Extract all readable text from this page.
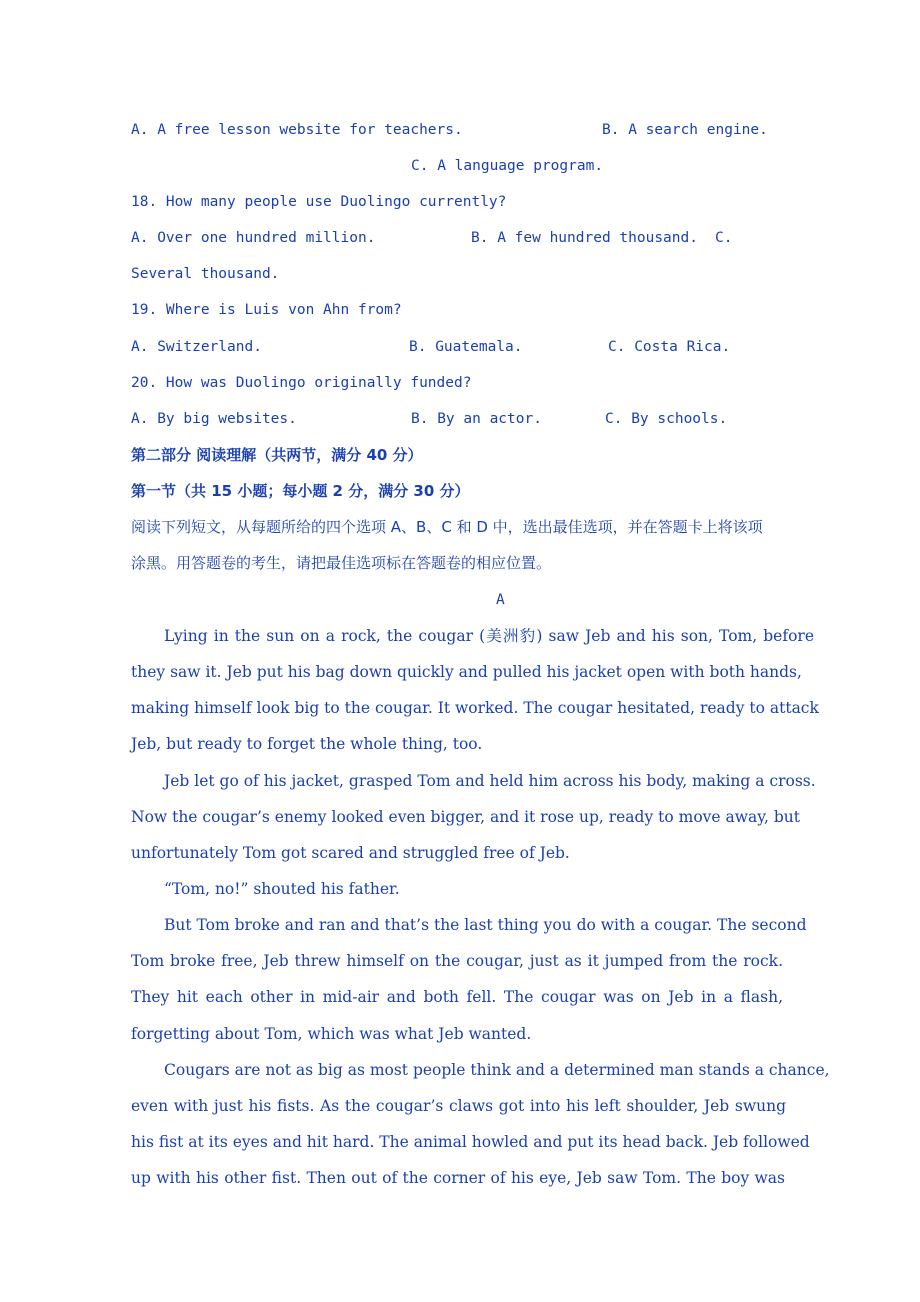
A. A free lesson website for teachers.	B. A search engine.
C. A language program.
18. How many people use Duolingo currently?
A. Over one hundred million.	B. A few hundred thousand. C.
Several thousand.
19. Where is Luis von Ahn from?
A. Switzerland.	B. Guatemala.	C. Costa Rica.
20. How was Duolingo originally funded?
A. By big websites.	B. By an actor.	C. By schools.
第二部分 阅读理解（共两节，满分 40 分）
第一节（共 15 小题；每小题 2 分，满分 30 分）
阅读下列短文，从每题所给的四个选项 A、B、C 和 D 中，选出最佳选项，并在答题卡上将该项
涂黑。用答题卷的考生，请把最佳选项标在答题卷的相应位置。
A
Lying in the sun on a rock, the cougar (美洲豹) saw Jeb and his son, Tom, before
they saw it. Jeb put his bag down quickly and pulled his jacket open with both hands,
making himself look big to the cougar. It worked. The cougar hesitated, ready to attack
Jeb, but ready to forget the whole thing, too.
Jeb let go of his jacket, grasped Tom and held him across his body, making a cross.
Now the cougar’s enemy looked even bigger, and it rose up, ready to move away, but
unfortunately Tom got scared and struggled free of Jeb.
“Tom, no!” shouted his father.
But Tom broke and ran and that’s the last thing you do with a cougar. The second
Tom broke free, Jeb threw himself on the cougar, just as it jumped from the rock.
They hit each other in mid-air and both fell. The cougar was on Jeb in a flash,
forgetting about Tom, which was what Jeb wanted.
Cougars are not as big as most people think and a determined man stands a chance,
even with just his fists. As the cougar’s claws got into his left shoulder, Jeb swung
his fist at its eyes and hit hard. The animal howled and put its head back. Jeb followed
up with his other fist. Then out of the corner of his eye, Jeb saw Tom. The boy was
